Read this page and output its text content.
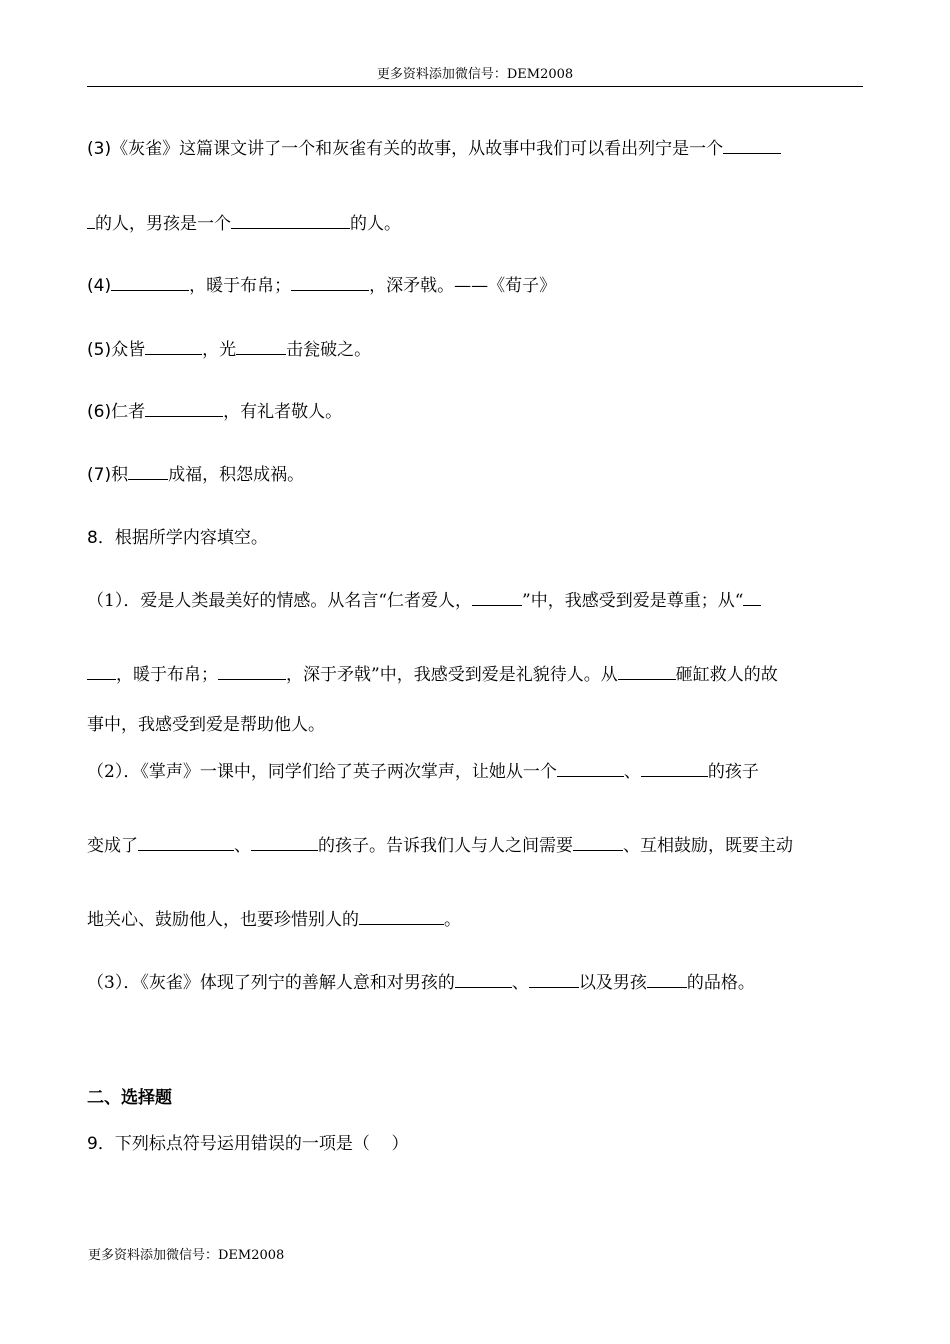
更多资料添加微信号：DEM2008
(3)《灰雀》这篇课文讲了一个和灰雀有关的故事，从故事中我们可以看出列宁是一个
的人，男孩是一个	的人。
(4)	，暖于布帛；	，深矛戟。——《荀子》
(5)众皆	，光	击瓮破之。
(6)仁者	，有礼者敬人。
(7)积 成福，积怨成祸。
8．根据所学内容填空。
（1）．爱是人类最美好的情感。从名言“仁者爱人，	”中，我感受到爱是尊重；从“
，暖于布帛；	，深于矛戟”中，我感受到爱是礼貌待人。从	砸缸救人的故
事中，我感受到爱是帮助他人。
（2）．《掌声》一课中，同学们给了英子两次掌声，让她从一个	、	的孩子
变成了	、	的孩子。告诉我们人与人之间需要	、互相鼓励，既要主动
地关心、鼓励他人，也要珍惜别人的	。
（3）．《灰雀》体现了列宁的善解人意和对男孩的	、	以及男孩 的品格。
二、选择题
9．下列标点符号运用错误的一项是（    ）
更多资料添加微信号：DEM2008
